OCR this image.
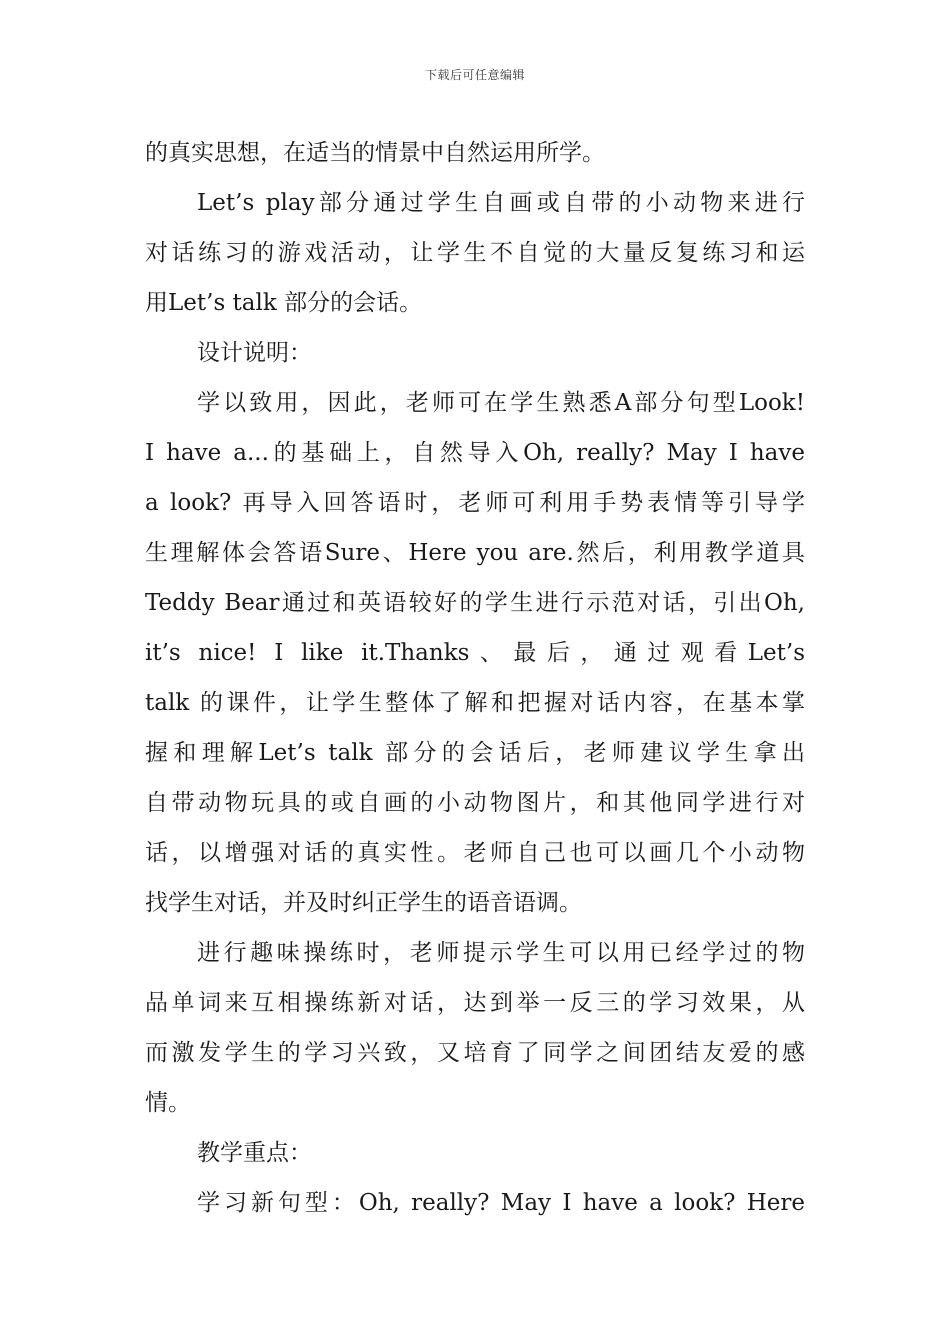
下载后可任意编辑
的真实思想，在适当的情景中自然运用所学。
Let’s play部分通过学生自画或自带的小动物来进行
对话练习的游戏活动，让学生不自觉的大量反复练习和运
用Let’s talk 部分的会话。
设计说明：
学以致用，因此，老师可在学生熟悉A部分句型Look!
I have a...的基础上，自然导入Oh, really? May I have
a look? 再导入回答语时，老师可利用手势表情等引导学
生理解体会答语Sure、Here you are.然后，利用教学道具
Teddy Bear通过和英语较好的学生进行示范对话，引出Oh,
it’s nice! I like it.Thanks、最后，通过观看Let’s
talk 的课件，让学生整体了解和把握对话内容，在基本掌
握和理解Let’s talk 部分的会话后，老师建议学生拿出
自带动物玩具的或自画的小动物图片，和其他同学进行对
话，以增强对话的真实性。老师自己也可以画几个小动物
找学生对话，并及时纠正学生的语音语调。
进行趣味操练时，老师提示学生可以用已经学过的物
品单词来互相操练新对话，达到举一反三的学习效果，从
而激发学生的学习兴致，又培育了同学之间团结友爱的感
情。
教学重点：
学习新句型：Oh, really? May I have a look? Here
